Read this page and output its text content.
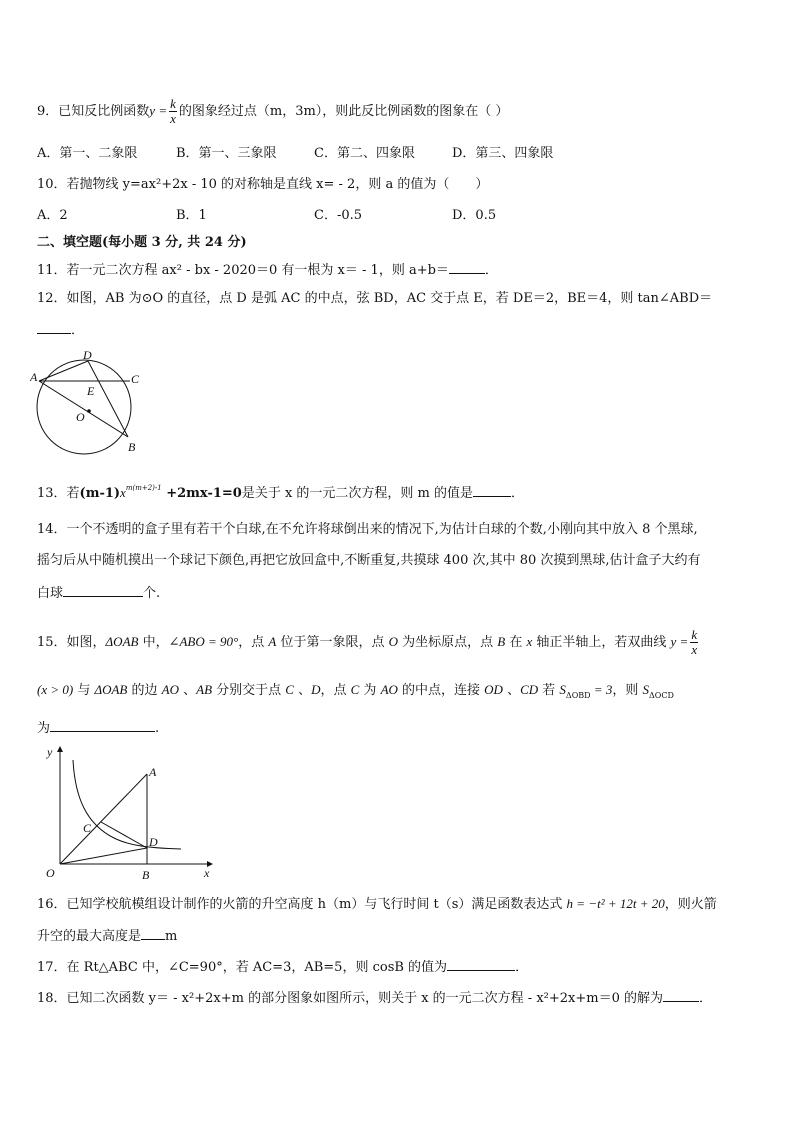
9．已知反比例函数$y = \frac{k}{x}$ 的图象经过点（m，3m），则此反比例函数的图象在（ ）
A．第一、二象限	B．第一、三象限	C．第二、四象限	D．第三、四象限
10．若抛物线 y=ax²+2x - 10 的对称轴是直线 x= - 2，则 a 的值为（　　）
A．2	B．1	C．-0.5	D．0.5
二、填空题(每小题 3 分, 共 24 分)
11．若一元二次方程 ax² - bx - 2020＝0 有一根为 x＝ - 1，则 a+b＝	．
12．如图，AB 为⊙O 的直径，点 D 是弧 AC 的中点，弦 BD，AC 交于点 E，若 DE＝2，BE＝4，则 tan∠ABD＝
．
D
A	C
E
O
B
13．若$(m-1)x^{m(m+2)-1} +2mx-1=0$是关于 x 的一元二次方程，则 m 的值是	．
14．一个不透明的盒子里有若干个白球,在不允许将球倒出来的情况下,为估计白球的个数,小刚向其中放入 8 个黑球,
摇匀后从中随机摸出一个球记下颜色,再把它放回盒中,不断重复,共摸球 400 次,其中 80 次摸到黑球,估计盒子大约有
白球	个.
15．如图，ΔOAB 中，∠ABO = 90°，点 A 位于第一象限，点 O 为坐标原点，点 B 在 x 轴正半轴上，若双曲线 $y = \frac{k}{x}$
(x > 0) 与 ΔOAB 的边 AO 、AB 分别交于点 C 、D，点 C 为 AO 的中点，连接 OD 、CD 若 $S_{\Delta OBD} = 3$，则 $S_{\Delta OCD}$
为	.
y
A
C
D
O	B	x
16．已知学校航模组设计制作的火箭的升空高度 h（m）与飞行时间 t（s）满足函数表达式 h = −t² + 12t + 20，则火箭
升空的最大高度是 m
17．在 Rt△ABC 中，∠C=90°，若 AC=3，AB=5，则 cosB 的值为	．
18．已知二次函数 y＝ - x²+2x+m 的部分图象如图所示，则关于 x 的一元二次方程 - x²+2x+m＝0 的解为	．
